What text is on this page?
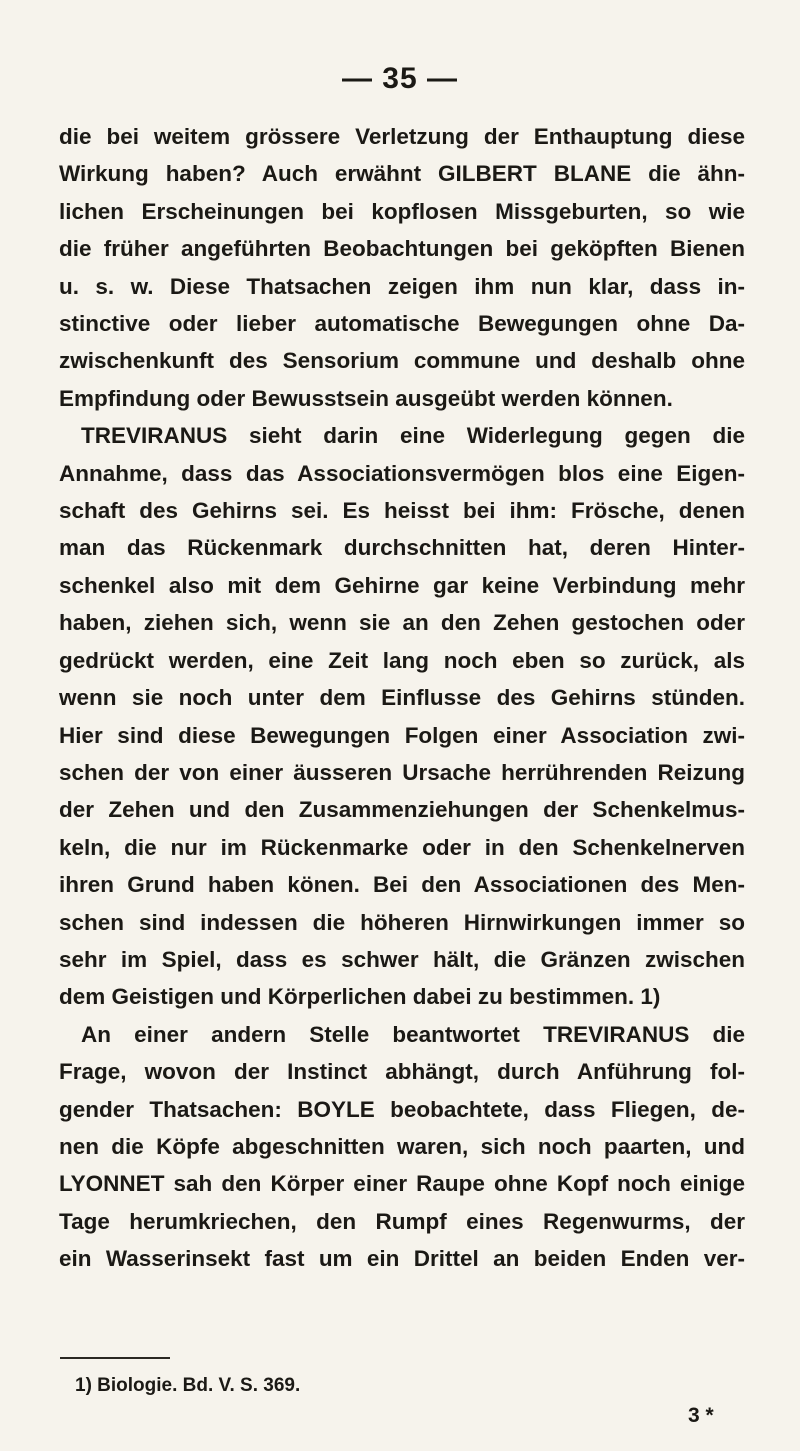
— 35 —
die bei weitem grössere Verletzung der Enthauptung diese
Wirkung haben? Auch erwähnt GILBERT BLANE die ähn-
lichen Erscheinungen bei kopflosen Missgeburten, so wie
die früher angeführten Beobachtungen bei geköpften Bienen
u. s. w. Diese Thatsachen zeigen ihm nun klar, dass in-
stinctive oder lieber automatische Bewegungen ohne Da-
zwischenkunft des Sensorium commune und deshalb ohne
Empfindung oder Bewusstsein ausgeübt werden können.
TREVIRANUS sieht darin eine Widerlegung gegen die
Annahme, dass das Associationsvermögen blos eine Eigen-
schaft des Gehirns sei. Es heisst bei ihm: Frösche, denen
man das Rückenmark durchschnitten hat, deren Hinter-
schenkel also mit dem Gehirne gar keine Verbindung mehr
haben, ziehen sich, wenn sie an den Zehen gestochen oder
gedrückt werden, eine Zeit lang noch eben so zurück, als
wenn sie noch unter dem Einflusse des Gehirns stünden.
Hier sind diese Bewegungen Folgen einer Association zwi-
schen der von einer äusseren Ursache herrührenden Reizung
der Zehen und den Zusammenziehungen der Schenkelmus-
keln, die nur im Rückenmarke oder in den Schenkelnerven
ihren Grund haben könen. Bei den Associationen des Men-
schen sind indessen die höheren Hirnwirkungen immer so
sehr im Spiel, dass es schwer hält, die Gränzen zwischen
dem Geistigen und Körperlichen dabei zu bestimmen. 1)
An einer andern Stelle beantwortet TREVIRANUS die
Frage, wovon der Instinct abhängt, durch Anführung fol-
gender Thatsachen: BOYLE beobachtete, dass Fliegen, de-
nen die Köpfe abgeschnitten waren, sich noch paarten, und
LYONNET sah den Körper einer Raupe ohne Kopf noch einige
Tage herumkriechen, den Rumpf eines Regenwurms, der
ein Wasserinsekt fast um ein Drittel an beiden Enden ver-
1) Biologie. Bd. V. S. 369.
3 *
